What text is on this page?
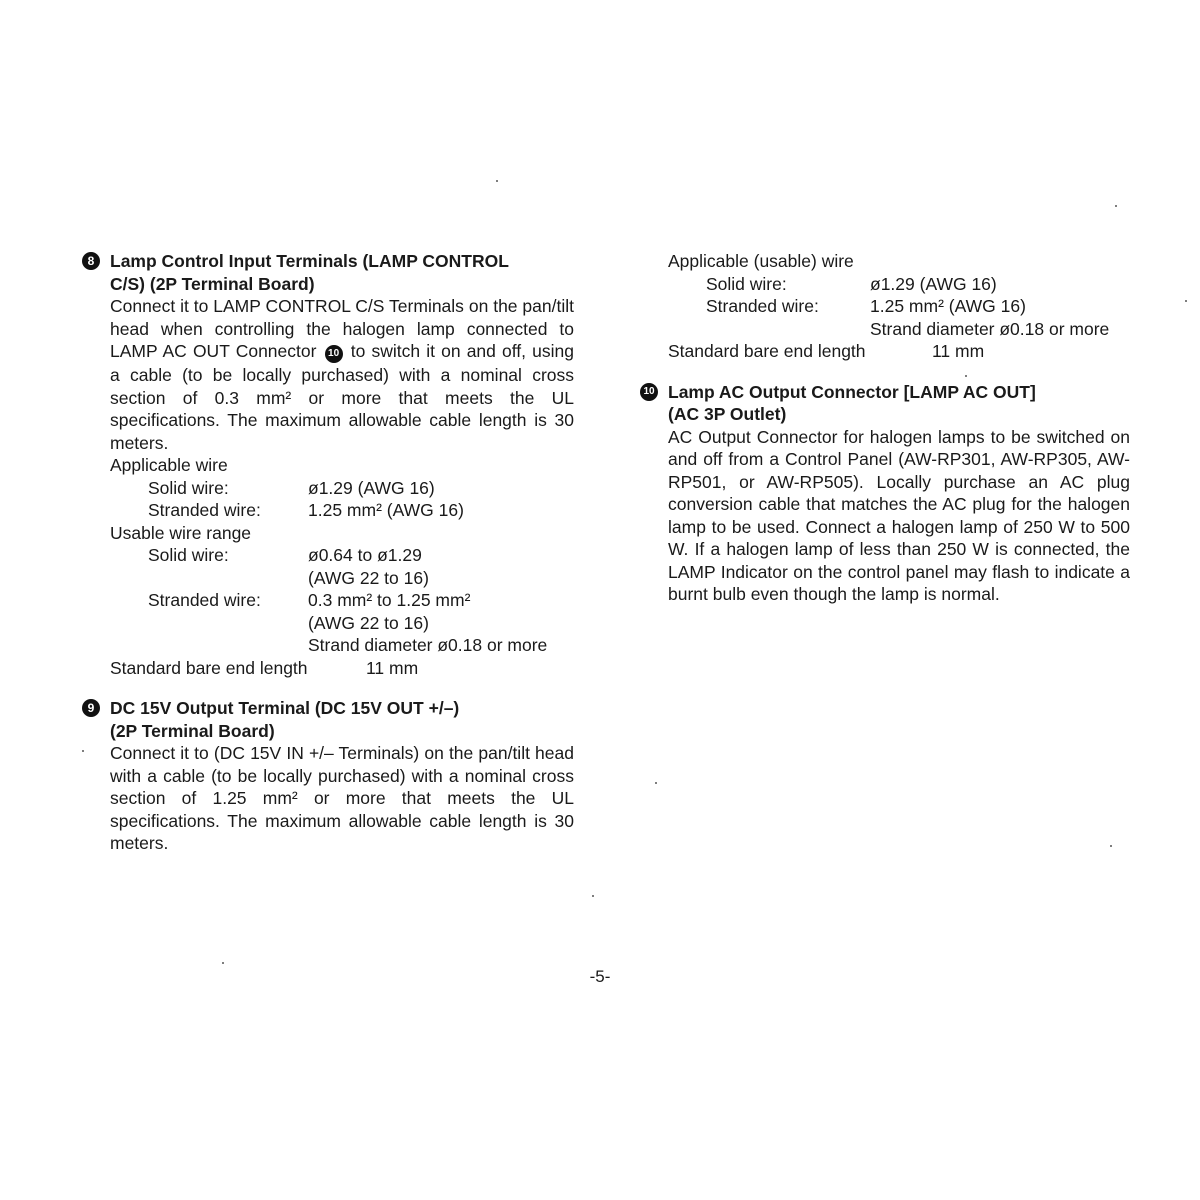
8 Lamp Control Input Terminals (LAMP CONTROL
C/S) (2P Terminal Board)
Connect it to LAMP CONTROL C/S Terminals on the pan/tilt head when controlling the halogen lamp connected to LAMP AC OUT Connector 10 to switch it on and off, using a cable (to be locally purchased) with a nominal cross section of 0.3 mm² or more that meets the UL specifications. The maximum allowable cable length is 30 meters.
Applicable wire
Solid wire:	ø1.29 (AWG 16)
Stranded wire:	1.25 mm² (AWG 16)
Usable wire range
Solid wire:	ø0.64 to ø1.29
(AWG 22 to 16)
Stranded wire:	0.3 mm² to 1.25 mm²
(AWG 22 to 16)
Strand diameter ø0.18 or more
Standard bare end length	11 mm
9 DC 15V Output Terminal (DC 15V OUT +/–)
(2P Terminal Board)
Connect it to (DC 15V IN +/– Terminals) on the pan/tilt head with a cable (to be locally purchased) with a nominal cross section of 1.25 mm² or more that meets the UL specifications. The maximum allowable cable length is 30 meters.
Applicable (usable) wire
Solid wire:	ø1.29 (AWG 16)
Stranded wire:	1.25 mm² (AWG 16)
Strand diameter ø0.18 or more
Standard bare end length	11 mm
10 Lamp AC Output Connector [LAMP AC OUT]
(AC 3P Outlet)
AC Output Connector for halogen lamps to be switched on and off from a Control Panel (AW-RP301, AW-RP305, AW-RP501, or AW-RP505). Locally purchase an AC plug conversion cable that matches the AC plug for the halogen lamp to be used. Connect a halogen lamp of 250 W to 500 W. If a halogen lamp of less than 250 W is connected, the LAMP Indicator on the control panel may flash to indicate a burnt bulb even though the lamp is normal.
-5-
